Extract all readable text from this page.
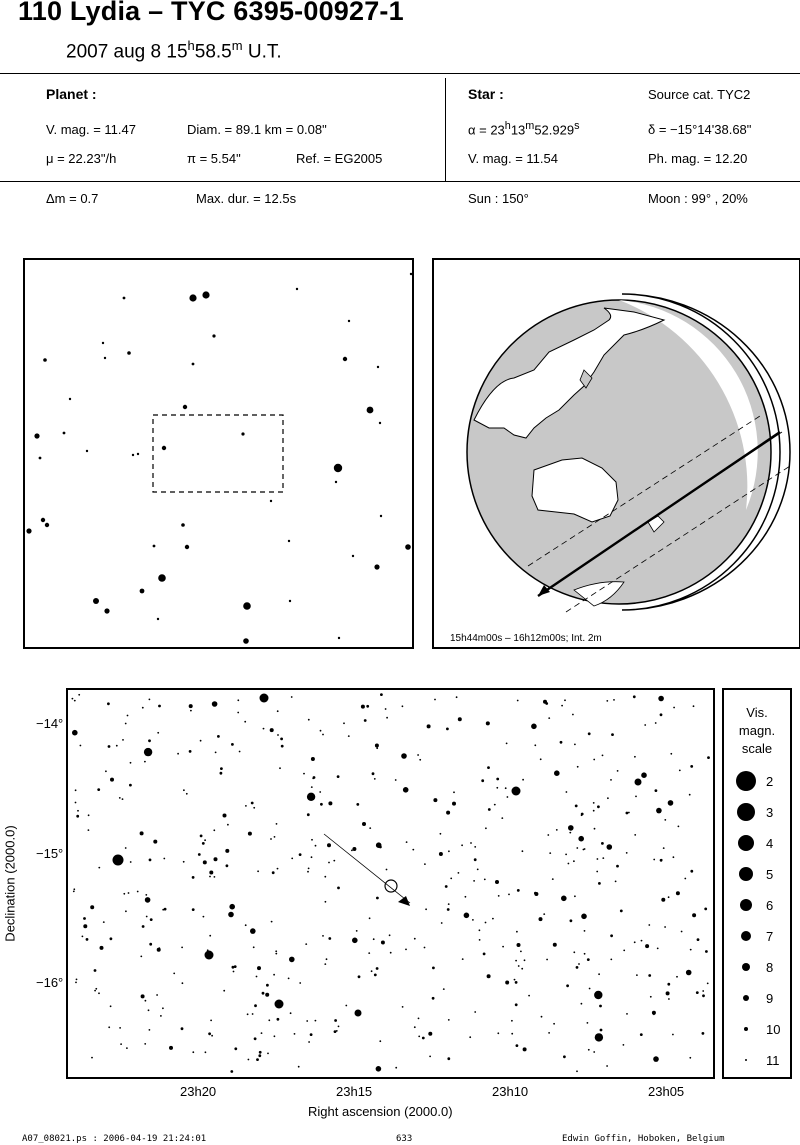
110 Lydia – TYC 6395-00927-1
2007 aug 8 15$^h$58.5$^m$ U.T.
Planet :
V. mag. = 11.47	Diam. = 89.1 km = 0.08"
μ = 22.23"/h	π = 5.54"	Ref. = EG2005
Star :	Source cat. TYC2
$\alpha = 23^h13^m52.929^s$	δ = −15°14'38.68"
V. mag. = 11.54	Ph. mag. = 12.20
Δm = 0.7	Max. dur. = 12.5s	Sun : 150°	Moon : 99° , 20%
15h44m00s – 16h12m00s; Int. 2m
−14°
−15°
−16°
23h20	23h15	23h10	23h05
Right ascension (2000.0)
Declination (2000.0)
Vis.
magn.
scale
2
3
4
5
6
7
8
9
10
11
A07_08021.ps : 2006-04-19 21:24:01	633	Edwin Goffin, Hoboken, Belgium
